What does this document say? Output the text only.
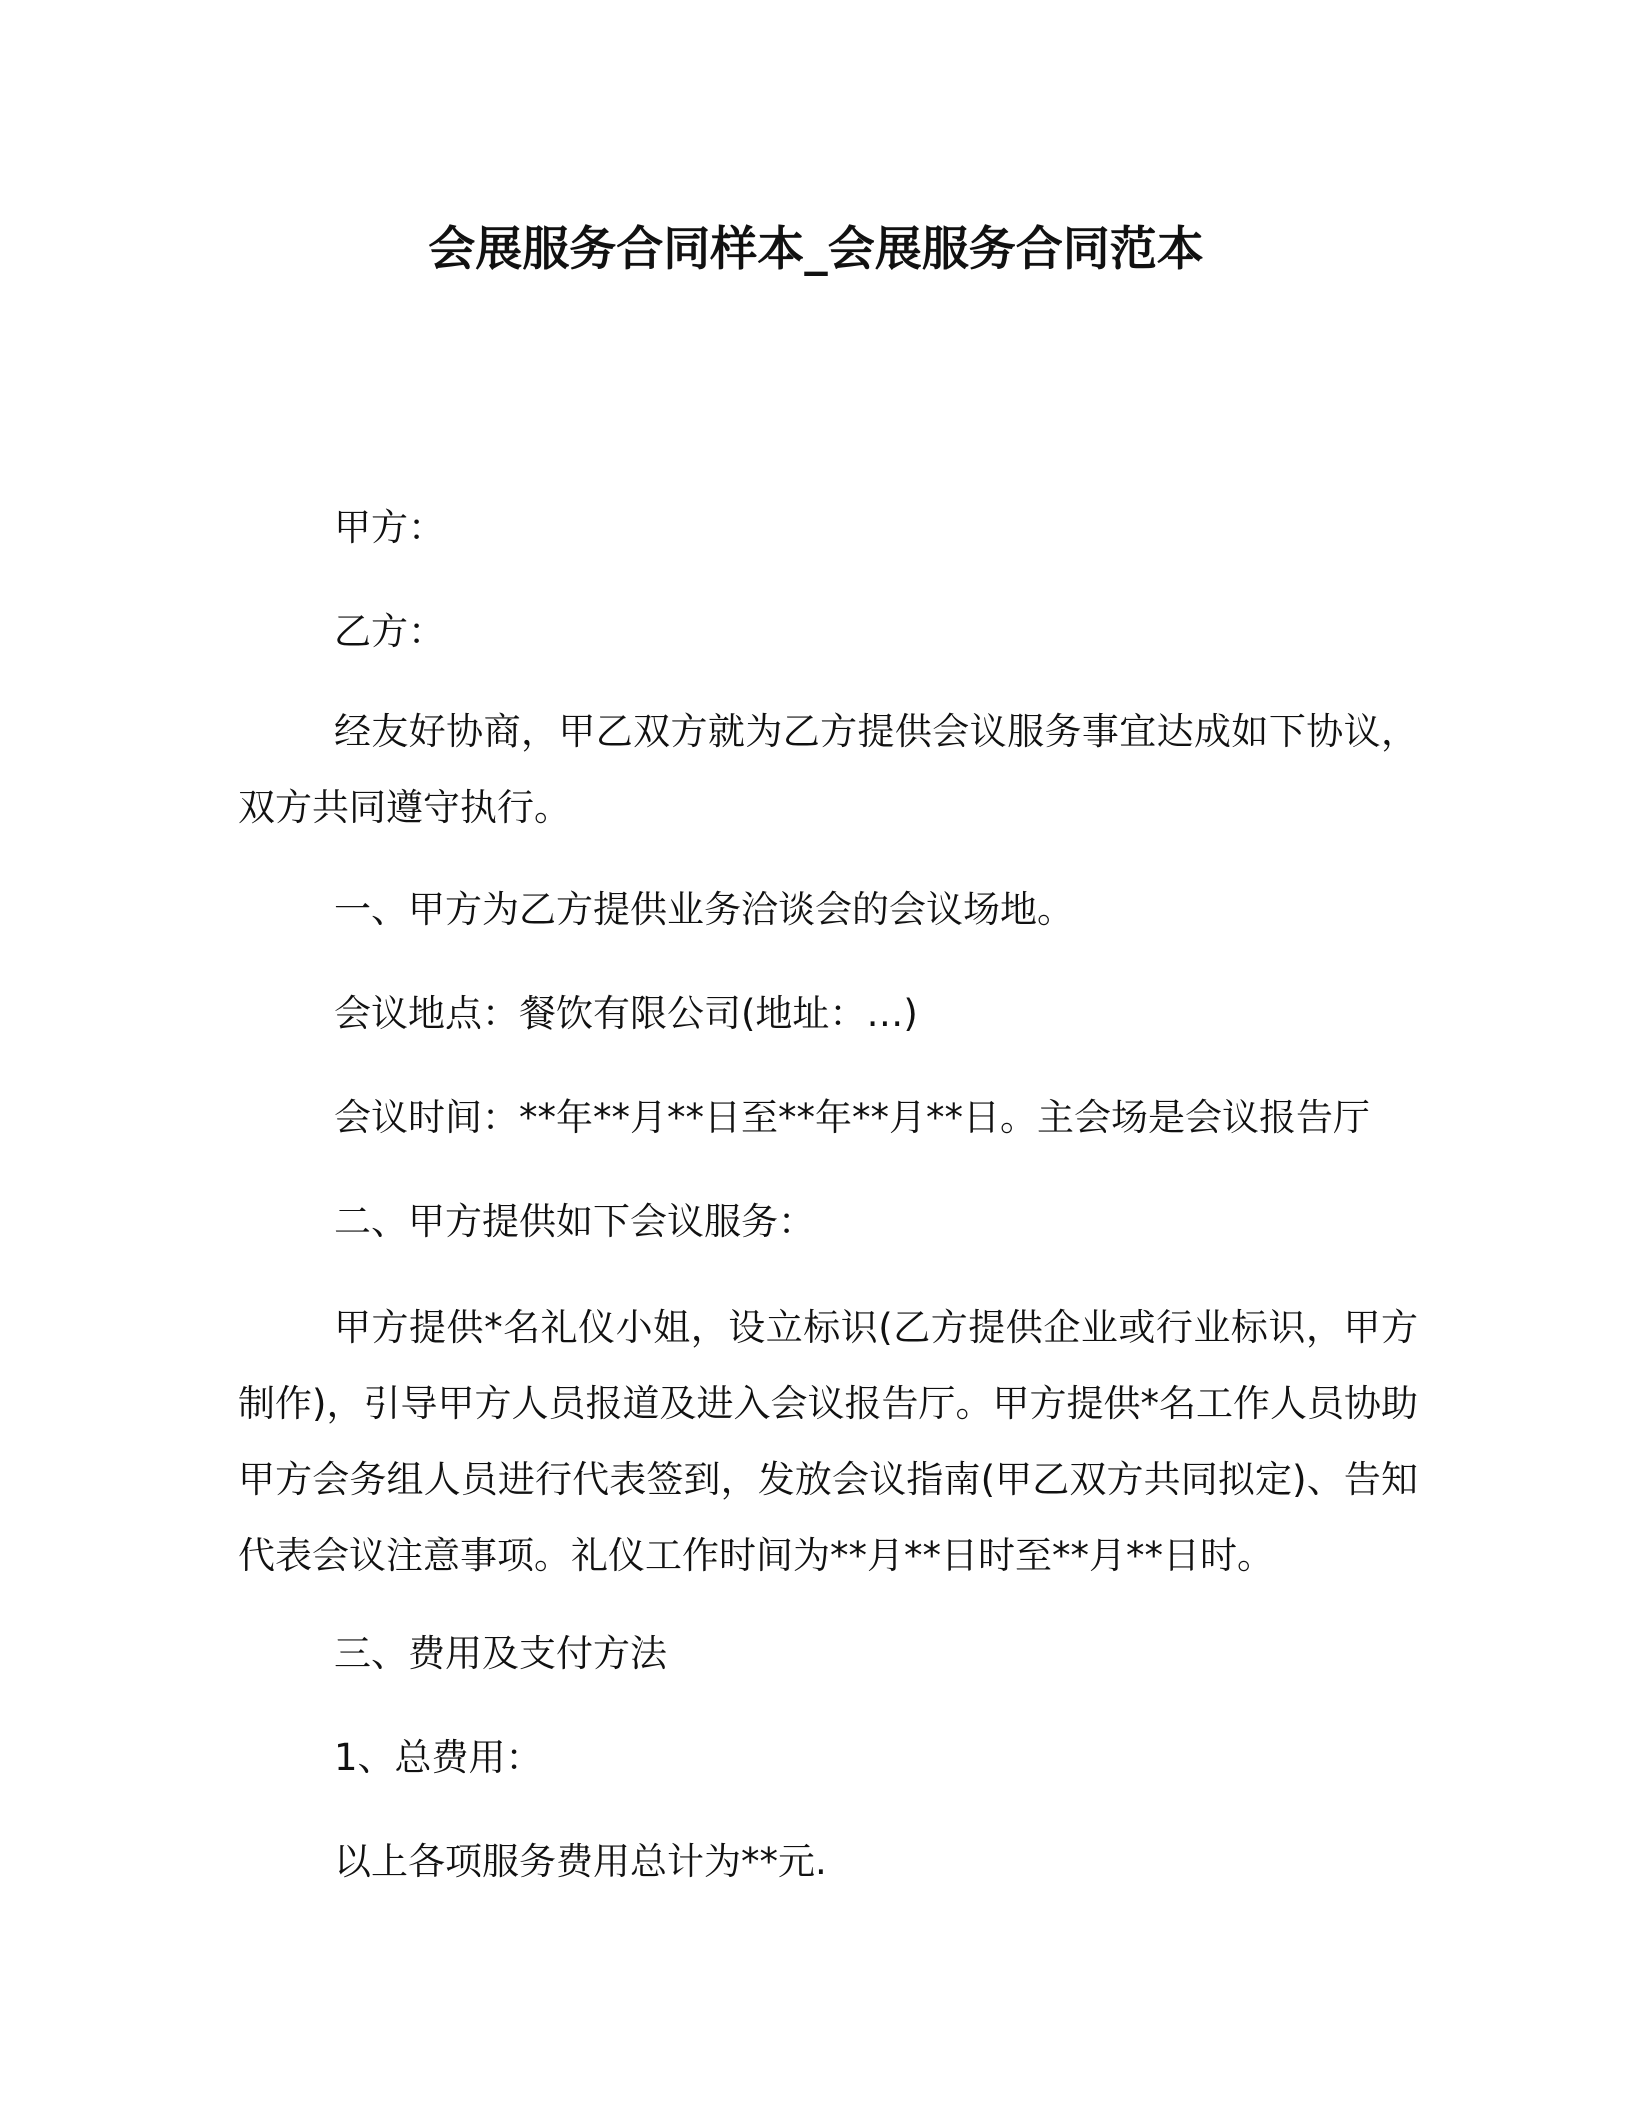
会展服务合同样本_会展服务合同范本

甲方：

乙方：

经友好协商，甲乙双方就为乙方提供会议服务事宜达成如下协议，双方共同遵守执行。

一、甲方为乙方提供业务洽谈会的会议场地。

会议地点：餐饮有限公司(地址：…)

会议时间：**年**月**日至**年**月**日。主会场是会议报告厅

二、甲方提供如下会议服务：

甲方提供*名礼仪小姐，设立标识(乙方提供企业或行业标识，甲方制作)，引导甲方人员报道及进入会议报告厅。甲方提供*名工作人员协助甲方会务组人员进行代表签到，发放会议指南(甲乙双方共同拟定)、告知代表会议注意事项。礼仪工作时间为**月**日时至**月**日时。

三、费用及支付方法

1、总费用：

以上各项服务费用总计为**元.
